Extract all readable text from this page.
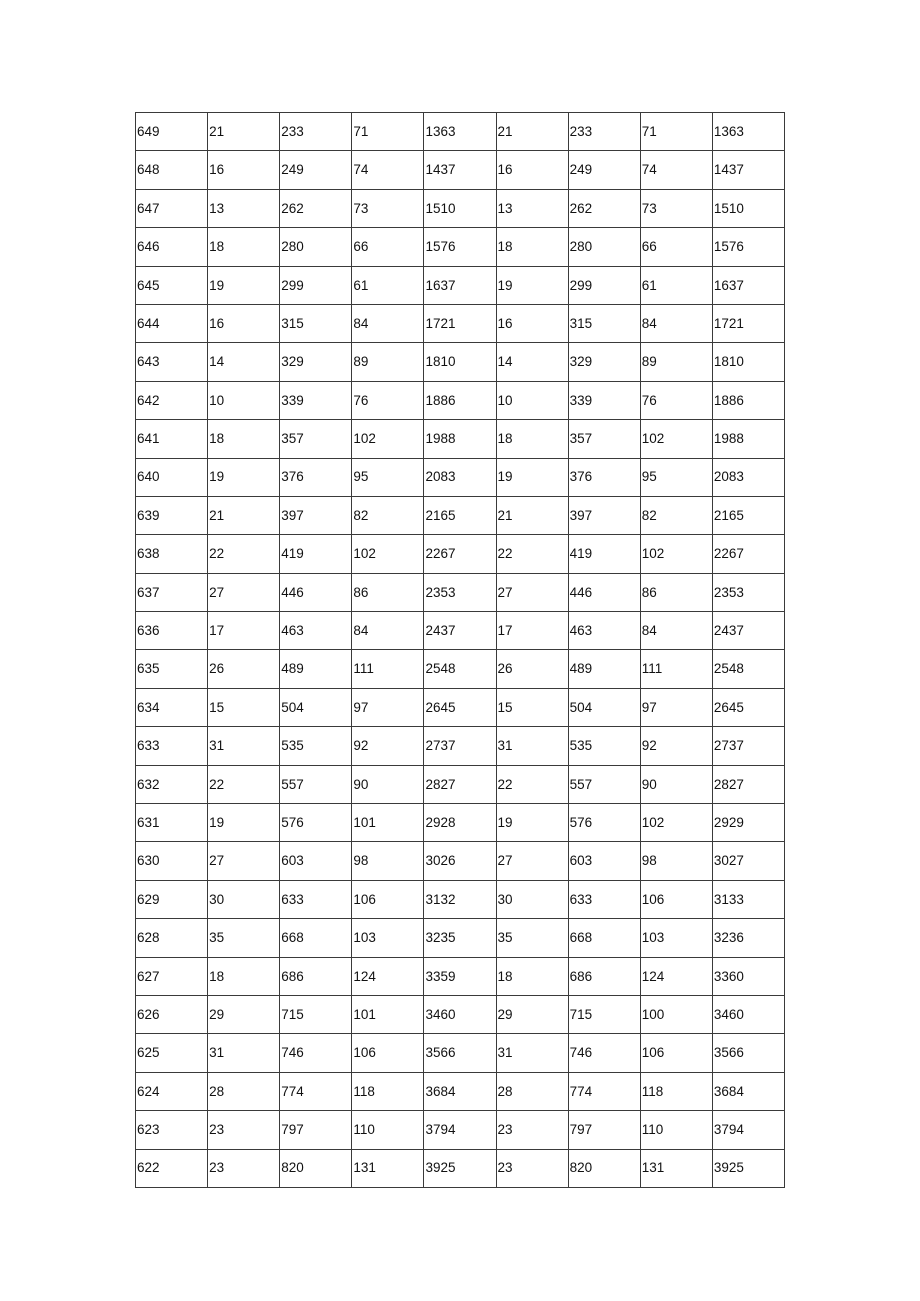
649	21	233	71	1363	21	233	71	1363
648	16	249	74	1437	16	249	74	1437
647	13	262	73	1510	13	262	73	1510
646	18	280	66	1576	18	280	66	1576
645	19	299	61	1637	19	299	61	1637
644	16	315	84	1721	16	315	84	1721
643	14	329	89	1810	14	329	89	1810
642	10	339	76	1886	10	339	76	1886
641	18	357	102	1988	18	357	102	1988
640	19	376	95	2083	19	376	95	2083
639	21	397	82	2165	21	397	82	2165
638	22	419	102	2267	22	419	102	2267
637	27	446	86	2353	27	446	86	2353
636	17	463	84	2437	17	463	84	2437
635	26	489	111	2548	26	489	111	2548
634	15	504	97	2645	15	504	97	2645
633	31	535	92	2737	31	535	92	2737
632	22	557	90	2827	22	557	90	2827
631	19	576	101	2928	19	576	102	2929
630	27	603	98	3026	27	603	98	3027
629	30	633	106	3132	30	633	106	3133
628	35	668	103	3235	35	668	103	3236
627	18	686	124	3359	18	686	124	3360
626	29	715	101	3460	29	715	100	3460
625	31	746	106	3566	31	746	106	3566
624	28	774	118	3684	28	774	118	3684
623	23	797	110	3794	23	797	110	3794
622	23	820	131	3925	23	820	131	3925
